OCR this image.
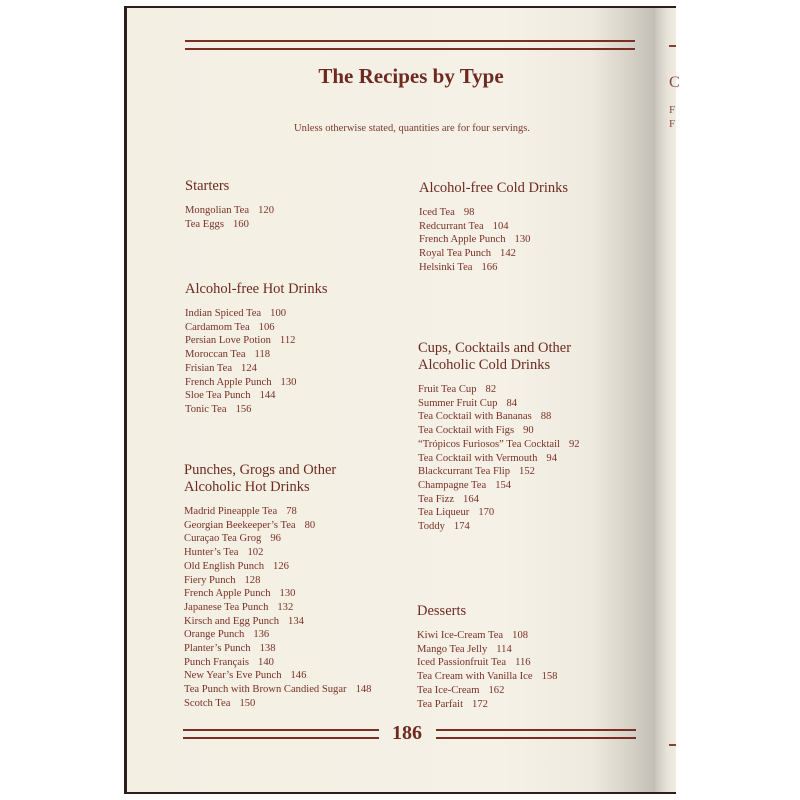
C
F
F
The Recipes by Type
Unless otherwise stated, quantities are for four servings.
Starters
Mongolian Tea 120
Tea Eggs 160
Alcohol-free Hot Drinks
Indian Spiced Tea 100
Cardamom Tea 106
Persian Love Potion 112
Moroccan Tea 118
Frisian Tea 124
French Apple Punch 130
Sloe Tea Punch 144
Tonic Tea 156
Punches, Grogs and Other
Alcoholic Hot Drinks
Madrid Pineapple Tea 78
Georgian Beekeeper’s Tea 80
Curaçao Tea Grog 96
Hunter’s Tea 102
Old English Punch 126
Fiery Punch 128
French Apple Punch 130
Japanese Tea Punch 132
Kirsch and Egg Punch 134
Orange Punch 136
Planter’s Punch 138
Punch Français 140
New Year’s Eve Punch 146
Tea Punch with Brown Candied Sugar 148
Scotch Tea 150
Alcohol-free Cold Drinks
Iced Tea 98
Redcurrant Tea 104
French Apple Punch 130
Royal Tea Punch 142
Helsinki Tea 166
Cups, Cocktails and Other
Alcoholic Cold Drinks
Fruit Tea Cup 82
Summer Fruit Cup 84
Tea Cocktail with Bananas 88
Tea Cocktail with Figs 90
“Trópicos Furiosos” Tea Cocktail 92
Tea Cocktail with Vermouth 94
Blackcurrant Tea Flip 152
Champagne Tea 154
Tea Fizz 164
Tea Liqueur 170
Toddy 174
Desserts
Kiwi Ice-Cream Tea 108
Mango Tea Jelly 114
Iced Passionfruit Tea 116
Tea Cream with Vanilla Ice 158
Tea Ice-Cream 162
Tea Parfait 172
186
